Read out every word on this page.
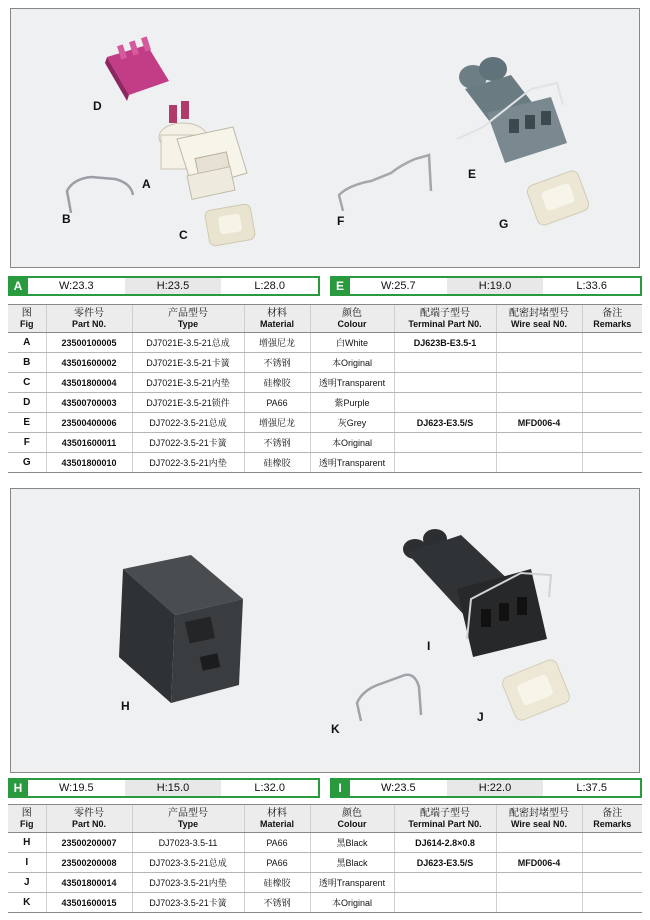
D
A
B
C
E
F	G
A	W:23.3	H:23.5	L:28.0	E	W:25.7	H:19.0	L:33.6
图
Fig	零件号
Part N0.	产品型号
Type	材料
Material	颜色
Colour	配端子型号
Terminal Part N0.	配密封堵型号
Wire seal N0.	备注
Remarks

A	23500100005	DJ7021E-3.5-21总成	增强尼龙	白White	DJ623B-E3.5-1		
B	43501600002	DJ7021E-3.5-21卡簧	不锈钢	本Original			
C	43501800004	DJ7021E-3.5-21内垫	硅橡胶	透明Transparent			
D	43500700003	DJ7021E-3.5-21锁件	PA66	紫Purple			
E	23500400006	DJ7022-3.5-21总成	增强尼龙	灰Grey	DJ623-E3.5/S	MFD006-4	
F	43501600011	DJ7022-3.5-21卡簧	不锈钢	本Original			
G	43501800010	DJ7022-3.5-21内垫	硅橡胶	透明Transparent			
H
I
J
K
H	W:19.5	H:15.0	L:32.0	I	W:23.5	H:22.0	L:37.5
图
Fig	零件号
Part N0.	产品型号
Type	材料
Material	颜色
Colour	配端子型号
Terminal Part N0.	配密封堵型号
Wire seal N0.	备注
Remarks

H	23500200007	DJ7023-3.5-11	PA66	黑Black	DJ614-2.8×0.8		
I	23500200008	DJ7023-3.5-21总成	PA66	黑Black	DJ623-E3.5/S	MFD006-4	
J	43501800014	DJ7023-3.5-21内垫	硅橡胶	透明Transparent			
K	43501600015	DJ7023-3.5-21卡簧	不锈钢	本Original			
